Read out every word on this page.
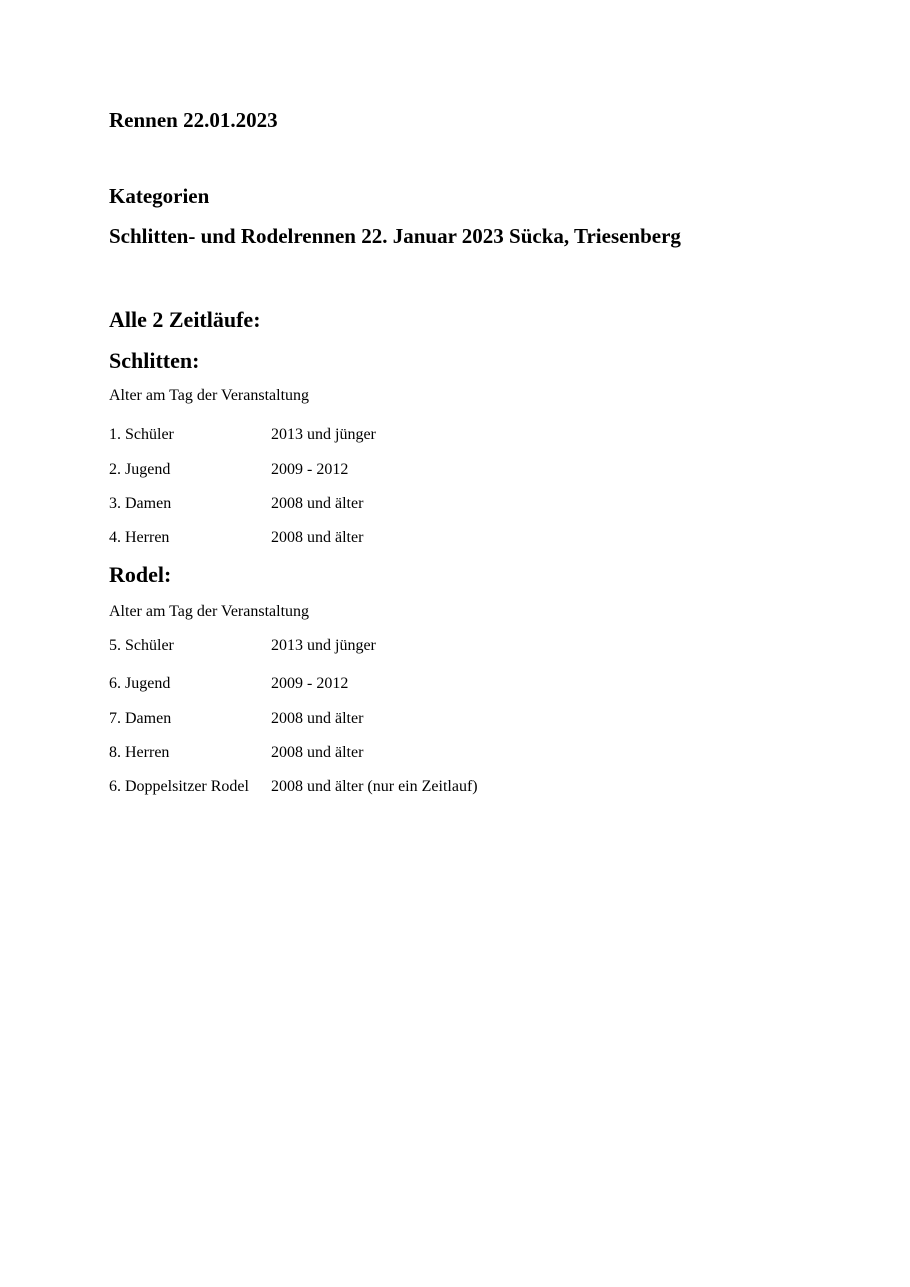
Rennen 22.01.2023
Kategorien
Schlitten- und Rodelrennen 22. Januar 2023 Sücka, Triesenberg
Alle 2 Zeitläufe:
Schlitten:

Alter am Tag der Veranstaltung

1. Schüler	2013 und jünger
2. Jugend	2009 - 2012
3. Damen	2008 und älter
4. Herren	2008 und älter
Rodel:

Alter am Tag der Veranstaltung

5. Schüler	2013 und jünger
6. Jugend	2009 - 2012
7. Damen	2008 und älter
8. Herren	2008 und älter
6. Doppelsitzer Rodel 2008 und älter (nur ein Zeitlauf)
